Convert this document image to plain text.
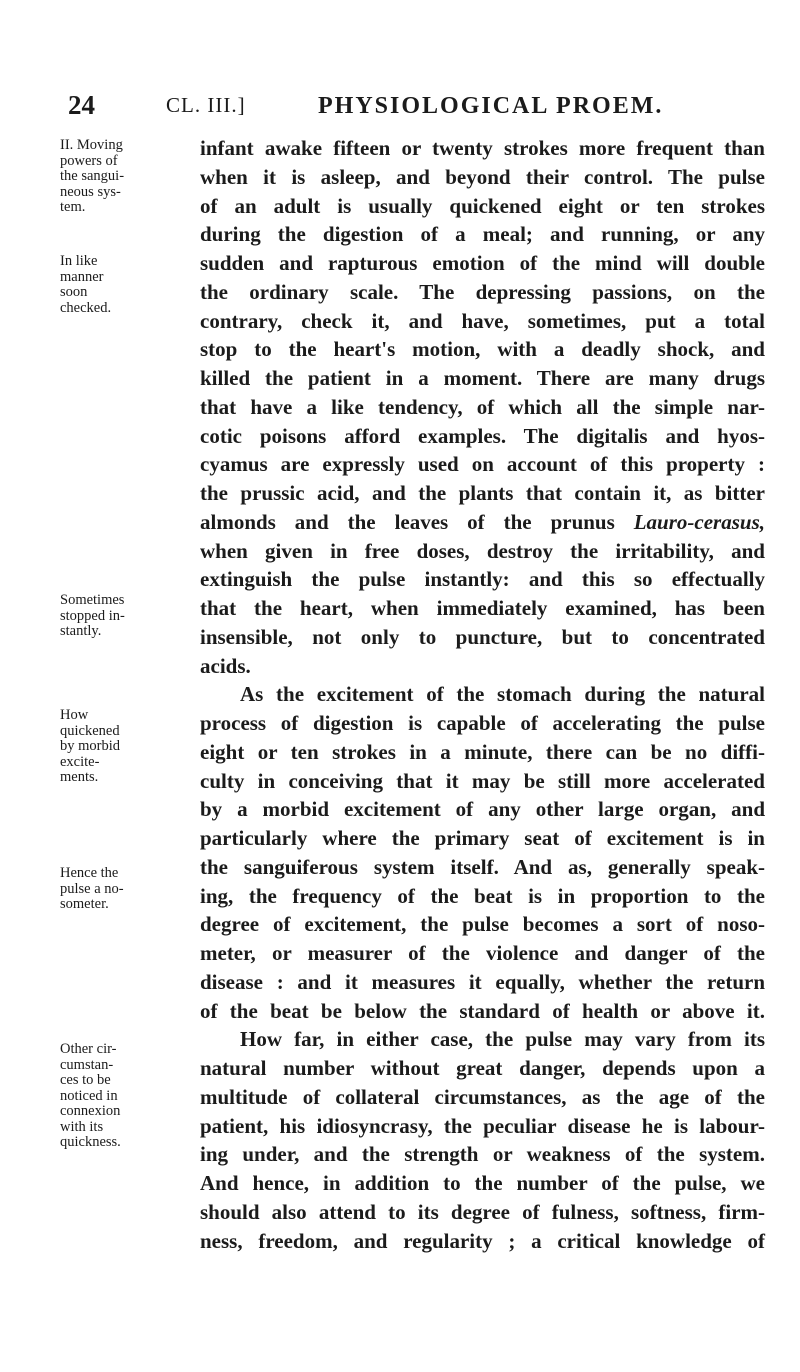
24	CL. III.]	PHYSIOLOGICAL PROEM.
II. Moving
powers of
the sangui-
neous sys-
tem.
In like
manner
soon
checked.
Sometimes
stopped in-
stantly.
How
quickened
by morbid
excite-
ments.
Hence the
pulse a no-
someter.
Other cir-
cumstan-
ces to be
noticed in
connexion
with its
quickness.
infant awake fifteen or twenty strokes more frequent than
when it is asleep, and beyond their control. The pulse
of an adult is usually quickened eight or ten strokes
during the digestion of a meal; and running, or any
sudden and rapturous emotion of the mind will double
the ordinary scale. The depressing passions, on the
contrary, check it, and have, sometimes, put a total
stop to the heart's motion, with a deadly shock, and
killed the patient in a moment. There are many drugs
that have a like tendency, of which all the simple nar-
cotic poisons afford examples. The digitalis and hyos-
cyamus are expressly used on account of this property :
the prussic acid, and the plants that contain it, as bitter
almonds and the leaves of the prunus Lauro-cerasus,
when given in free doses, destroy the irritability, and
extinguish the pulse instantly: and this so effectually
that the heart, when immediately examined, has been
insensible, not only to puncture, but to concentrated
acids.
As the excitement of the stomach during the natural
process of digestion is capable of accelerating the pulse
eight or ten strokes in a minute, there can be no diffi-
culty in conceiving that it may be still more accelerated
by a morbid excitement of any other large organ, and
particularly where the primary seat of excitement is in
the sanguiferous system itself. And as, generally speak-
ing, the frequency of the beat is in proportion to the
degree of excitement, the pulse becomes a sort of noso-
meter, or measurer of the violence and danger of the
disease : and it measures it equally, whether the return
of the beat be below the standard of health or above it.
How far, in either case, the pulse may vary from its
natural number without great danger, depends upon a
multitude of collateral circumstances, as the age of the
patient, his idiosyncrasy, the peculiar disease he is labour-
ing under, and the strength or weakness of the system.
And hence, in addition to the number of the pulse, we
should also attend to its degree of fulness, softness, firm-
ness, freedom, and regularity ; a critical knowledge of
